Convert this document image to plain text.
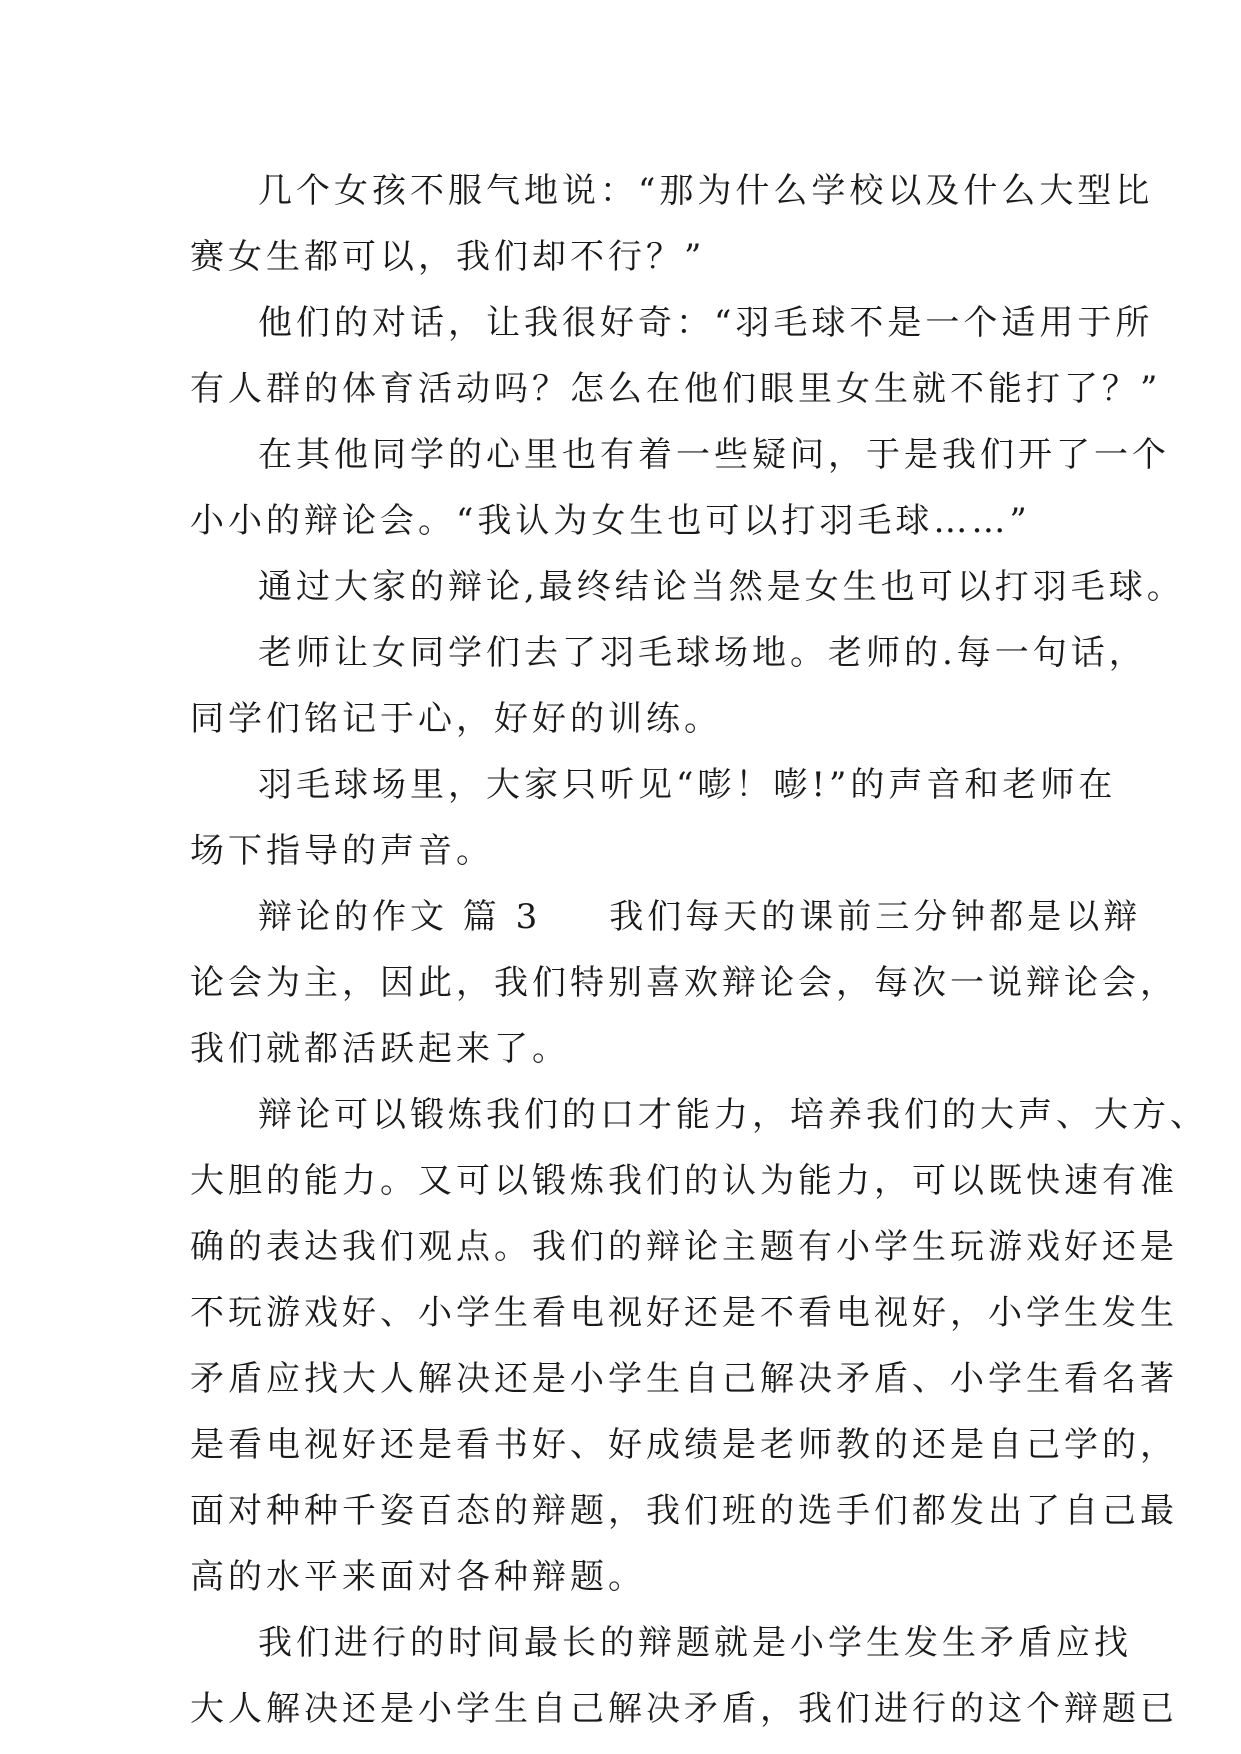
几个女孩不服气地说：“那为什么学校以及什么大型比
赛女生都可以，我们却不行？”
他们的对话，让我很好奇：“羽毛球不是一个适用于所
有人群的体育活动吗？怎么在他们眼里女生就不能打了？”
在其他同学的心里也有着一些疑问，于是我们开了一个
小小的辩论会。“我认为女生也可以打羽毛球……”
通过大家的辩论,最终结论当然是女生也可以打羽毛球。
老师让女同学们去了羽毛球场地。老师的.每一句话，
同学们铭记于心，好好的训练。
羽毛球场里，大家只听见“嘭！嘭!”的声音和老师在
场下指导的声音。
辩论的作文 篇 3 我们每天的课前三分钟都是以辩
论会为主，因此，我们特别喜欢辩论会，每次一说辩论会，
我们就都活跃起来了。
辩论可以锻炼我们的口才能力，培养我们的大声、大方、
大胆的能力。又可以锻炼我们的认为能力，可以既快速有准
确的表达我们观点。我们的辩论主题有小学生玩游戏好还是
不玩游戏好、小学生看电视好还是不看电视好，小学生发生
矛盾应找大人解决还是小学生自己解决矛盾、小学生看名著
是看电视好还是看书好、好成绩是老师教的还是自己学的，
面对种种千姿百态的辩题，我们班的选手们都发出了自己最
高的水平来面对各种辩题。
我们进行的时间最长的辩题就是小学生发生矛盾应找
大人解决还是小学生自己解决矛盾，我们进行的这个辩题已
